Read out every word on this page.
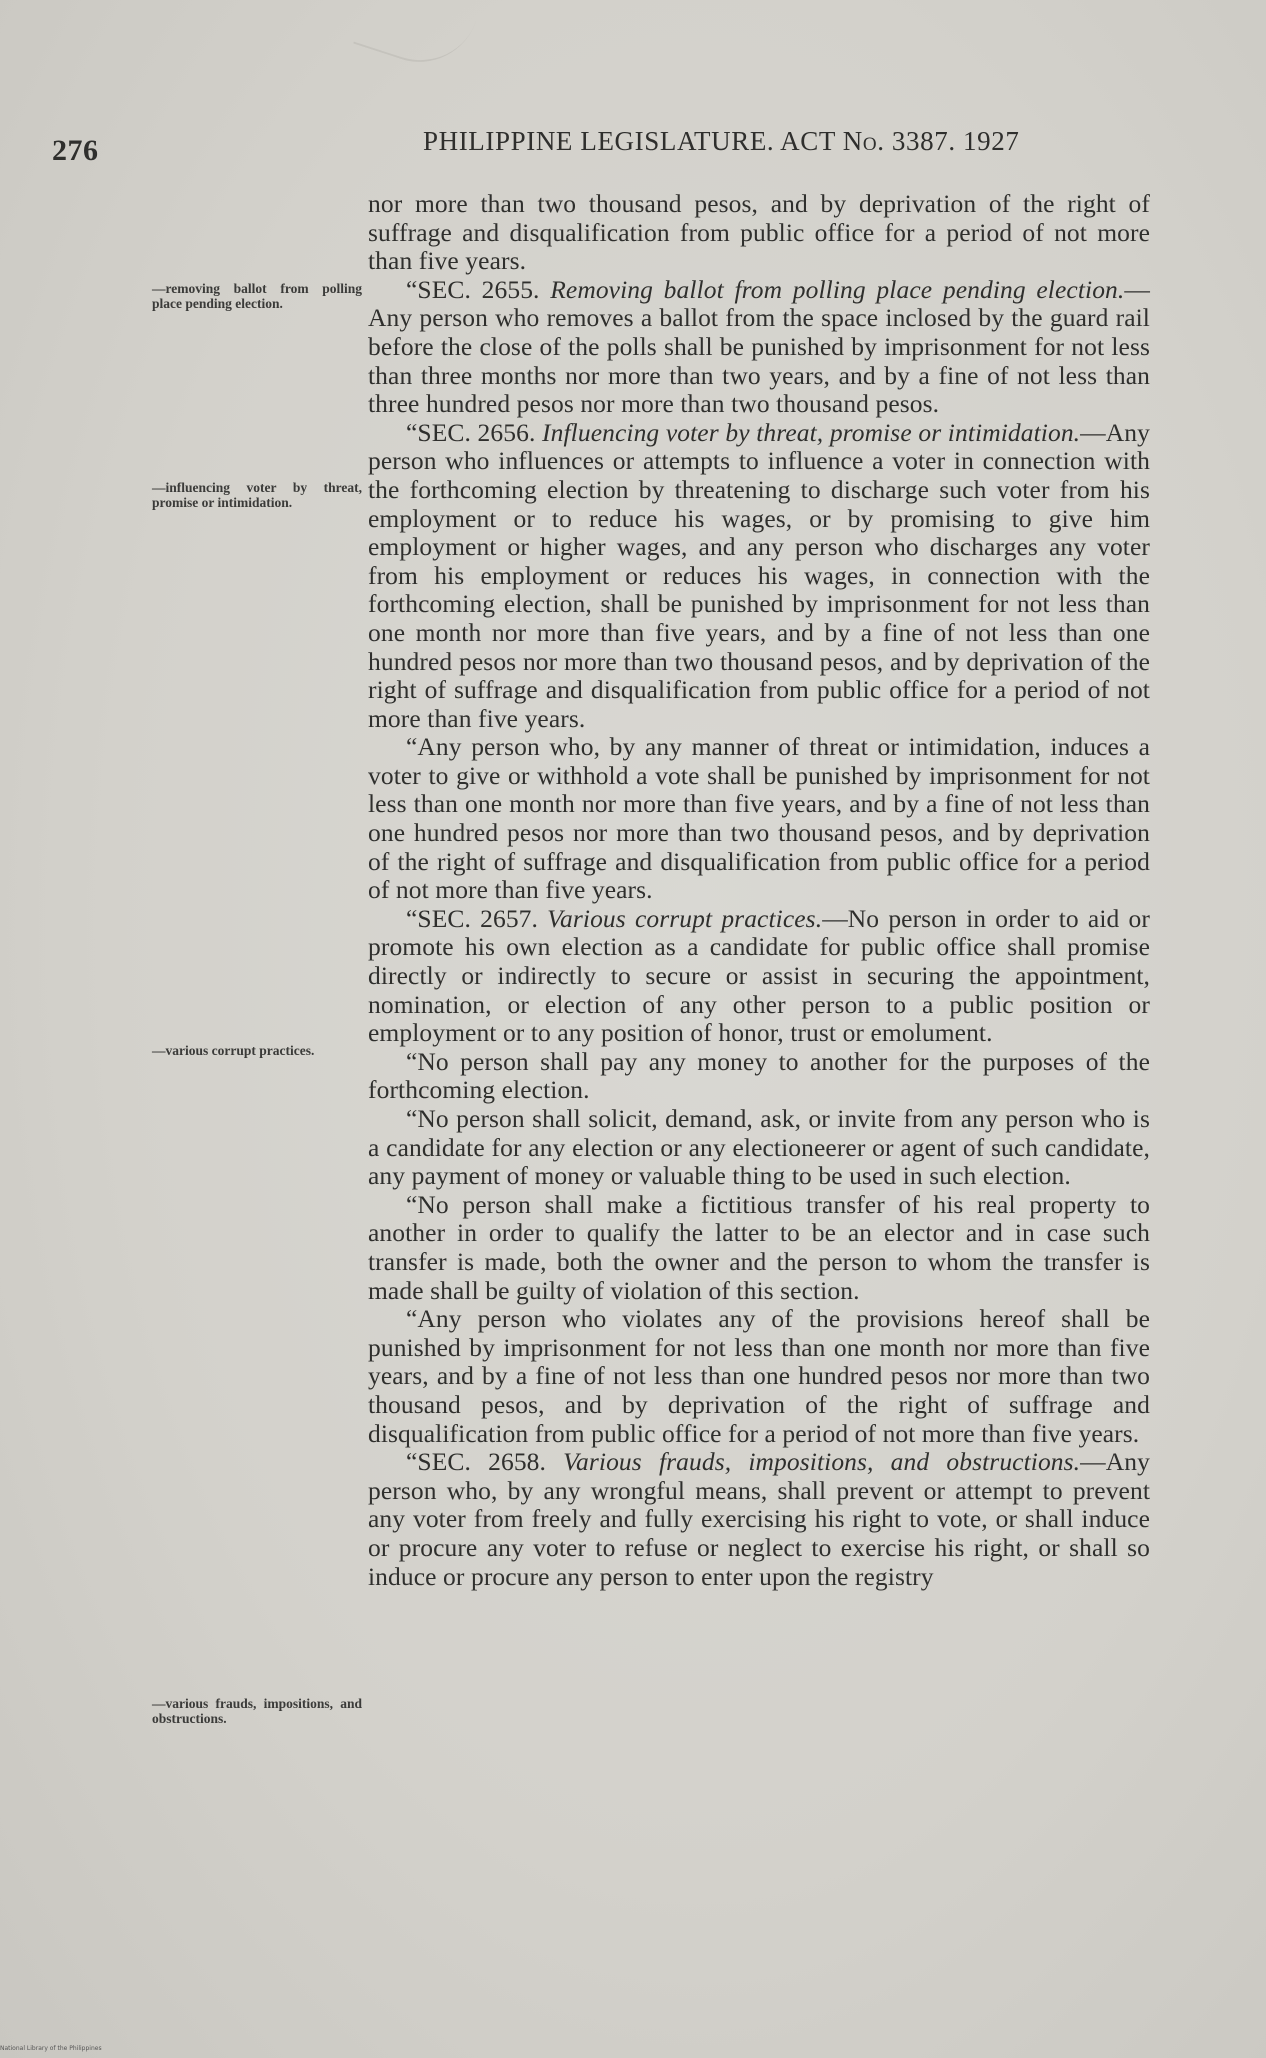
276	PHILIPPINE LEGISLATURE. ACT No. 3387. 1927
—removing ballot from polling place pending election.
—influencing voter by threat, promise or intimidation.
—various corrupt practices.
—various frauds, impositions, and obstructions.

nor more than two thousand pesos, and by deprivation of the right of suffrage and disqualification from public office for a period of not more than five years.

“SEC. 2655. Removing ballot from polling place pending election.—Any person who removes a ballot from the space inclosed by the guard rail before the close of the polls shall be punished by imprisonment for not less than three months nor more than two years, and by a fine of not less than three hundred pesos nor more than two thousand pesos.

“SEC. 2656. Influencing voter by threat, promise or intimidation.—Any person who influences or attempts to influence a voter in connection with the forthcoming election by threatening to discharge such voter from his employment or to reduce his wages, or by promising to give him employment or higher wages, and any person who discharges any voter from his employment or reduces his wages, in connection with the forthcoming election, shall be punished by imprisonment for not less than one month nor more than five years, and by a fine of not less than one hundred pesos nor more than two thousand pesos, and by deprivation of the right of suffrage and disqualification from public office for a period of not more than five years.

“Any person who, by any manner of threat or intimidation, induces a voter to give or withhold a vote shall be punished by imprisonment for not less than one month nor more than five years, and by a fine of not less than one hundred pesos nor more than two thousand pesos, and by deprivation of the right of suffrage and disqualification from public office for a period of not more than five years.

“SEC. 2657. Various corrupt practices.—No person in order to aid or promote his own election as a candidate for public office shall promise directly or indirectly to secure or assist in securing the appointment, nomination, or election of any other person to a public position or employment or to any position of honor, trust or emolument.

“No person shall pay any money to another for the purposes of the forthcoming election.

“No person shall solicit, demand, ask, or invite from any person who is a candidate for any election or any electioneerer or agent of such candidate, any payment of money or valuable thing to be used in such election.

“No person shall make a fictitious transfer of his real property to another in order to qualify the latter to be an elector and in case such transfer is made, both the owner and the person to whom the transfer is made shall be guilty of violation of this section.

“Any person who violates any of the provisions hereof shall be punished by imprisonment for not less than one month nor more than five years, and by a fine of not less than one hundred pesos nor more than two thousand pesos, and by deprivation of the right of suffrage and disqualification from public office for a period of not more than five years.

“SEC. 2658. Various frauds, impositions, and obstructions.—Any person who, by any wrongful means, shall prevent or attempt to prevent any voter from freely and fully exercising his right to vote, or shall induce or procure any voter to refuse or neglect to exercise his right, or shall so induce or procure any person to enter upon the registry

National Library of the Philippines
